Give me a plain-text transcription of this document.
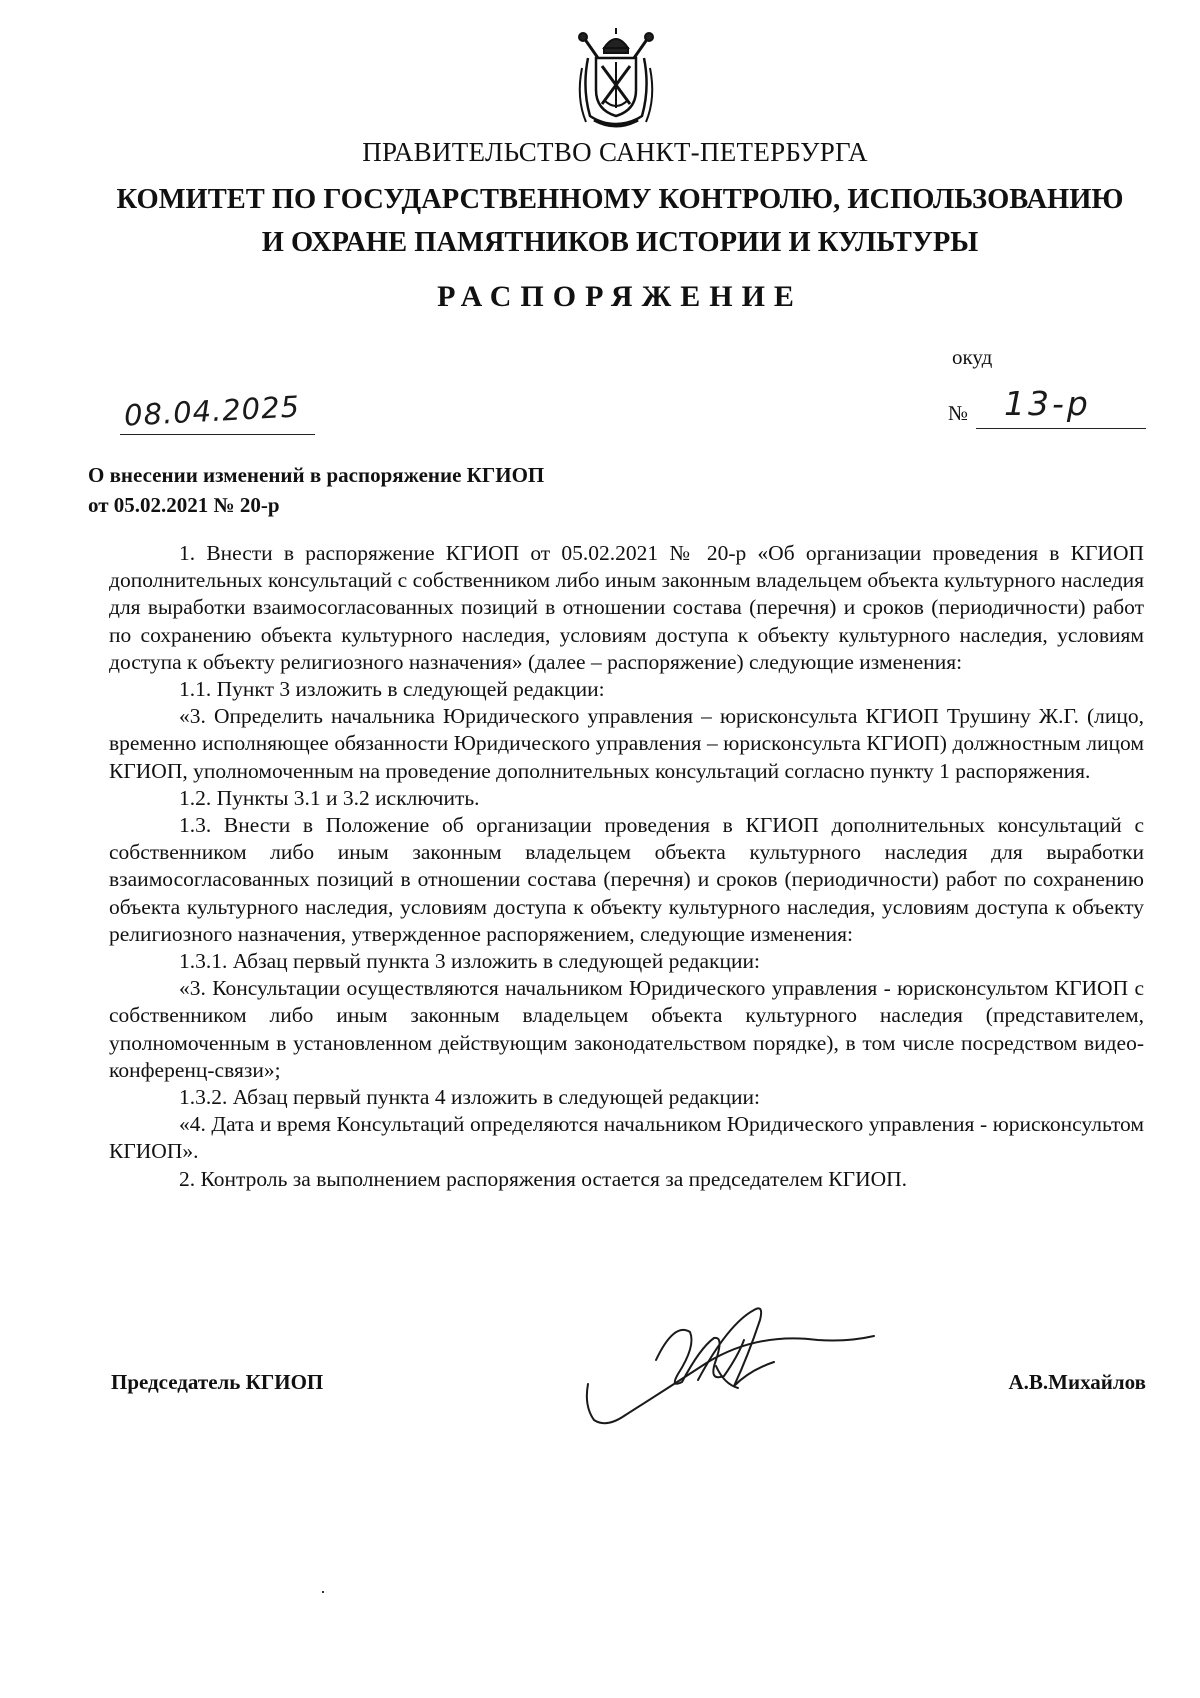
ПРАВИТЕЛЬСТВО САНКТ-ПЕТЕРБУРГА
КОМИТЕТ ПО ГОСУДАРСТВЕННОМУ КОНТРОЛЮ, ИСПОЛЬЗОВАНИЮ
И ОХРАНЕ ПАМЯТНИКОВ ИСТОРИИ И КУЛЬТУРЫ
РАСПОРЯЖЕНИЕ
окуд
08.04.2025	№ 13-р
О внесении изменений в распоряжение КГИОП
от 05.02.2021 № 20-р

1. Внести в распоряжение КГИОП от 05.02.2021 № 20-р «Об организации проведения в КГИОП дополнительных консультаций с собственником либо иным законным владельцем объекта культурного наследия для выработки взаимосогласованных позиций в отношении состава (перечня) и сроков (периодичности) работ по сохранению объекта культурного наследия, условиям доступа к объекту культурного наследия, условиям доступа к объекту религиозного назначения» (далее – распоряжение) следующие изменения:

1.1. Пункт 3 изложить в следующей редакции:

«3. Определить начальника Юридического управления – юрисконсульта КГИОП Трушину Ж.Г. (лицо, временно исполняющее обязанности Юридического управления – юрисконсульта КГИОП) должностным лицом КГИОП, уполномоченным на проведение дополнительных консультаций согласно пункту 1 распоряжения.

1.2. Пункты 3.1 и 3.2 исключить.

1.3. Внести в Положение об организации проведения в КГИОП дополнительных консультаций с собственником либо иным законным владельцем объекта культурного наследия для выработки взаимосогласованных позиций в отношении состава (перечня) и сроков (периодичности) работ по сохранению объекта культурного наследия, условиям доступа к объекту культурного наследия, условиям доступа к объекту религиозного назначения, утвержденное распоряжением, следующие изменения:

1.3.1. Абзац первый пункта 3 изложить в следующей редакции:

«3. Консультации осуществляются начальником Юридического управления - юрисконсультом КГИОП с собственником либо иным законным владельцем объекта культурного наследия (представителем, уполномоченным в установленном действующим законодательством порядке), в том числе посредством видео-конференц-связи»;

1.3.2. Абзац первый пункта 4 изложить в следующей редакции:

«4. Дата и время Консультаций определяются начальником Юридического управления - юрисконсультом КГИОП».

2. Контроль за выполнением распоряжения остается за председателем КГИОП.

Председатель КГИОП	А.В.Михайлов
